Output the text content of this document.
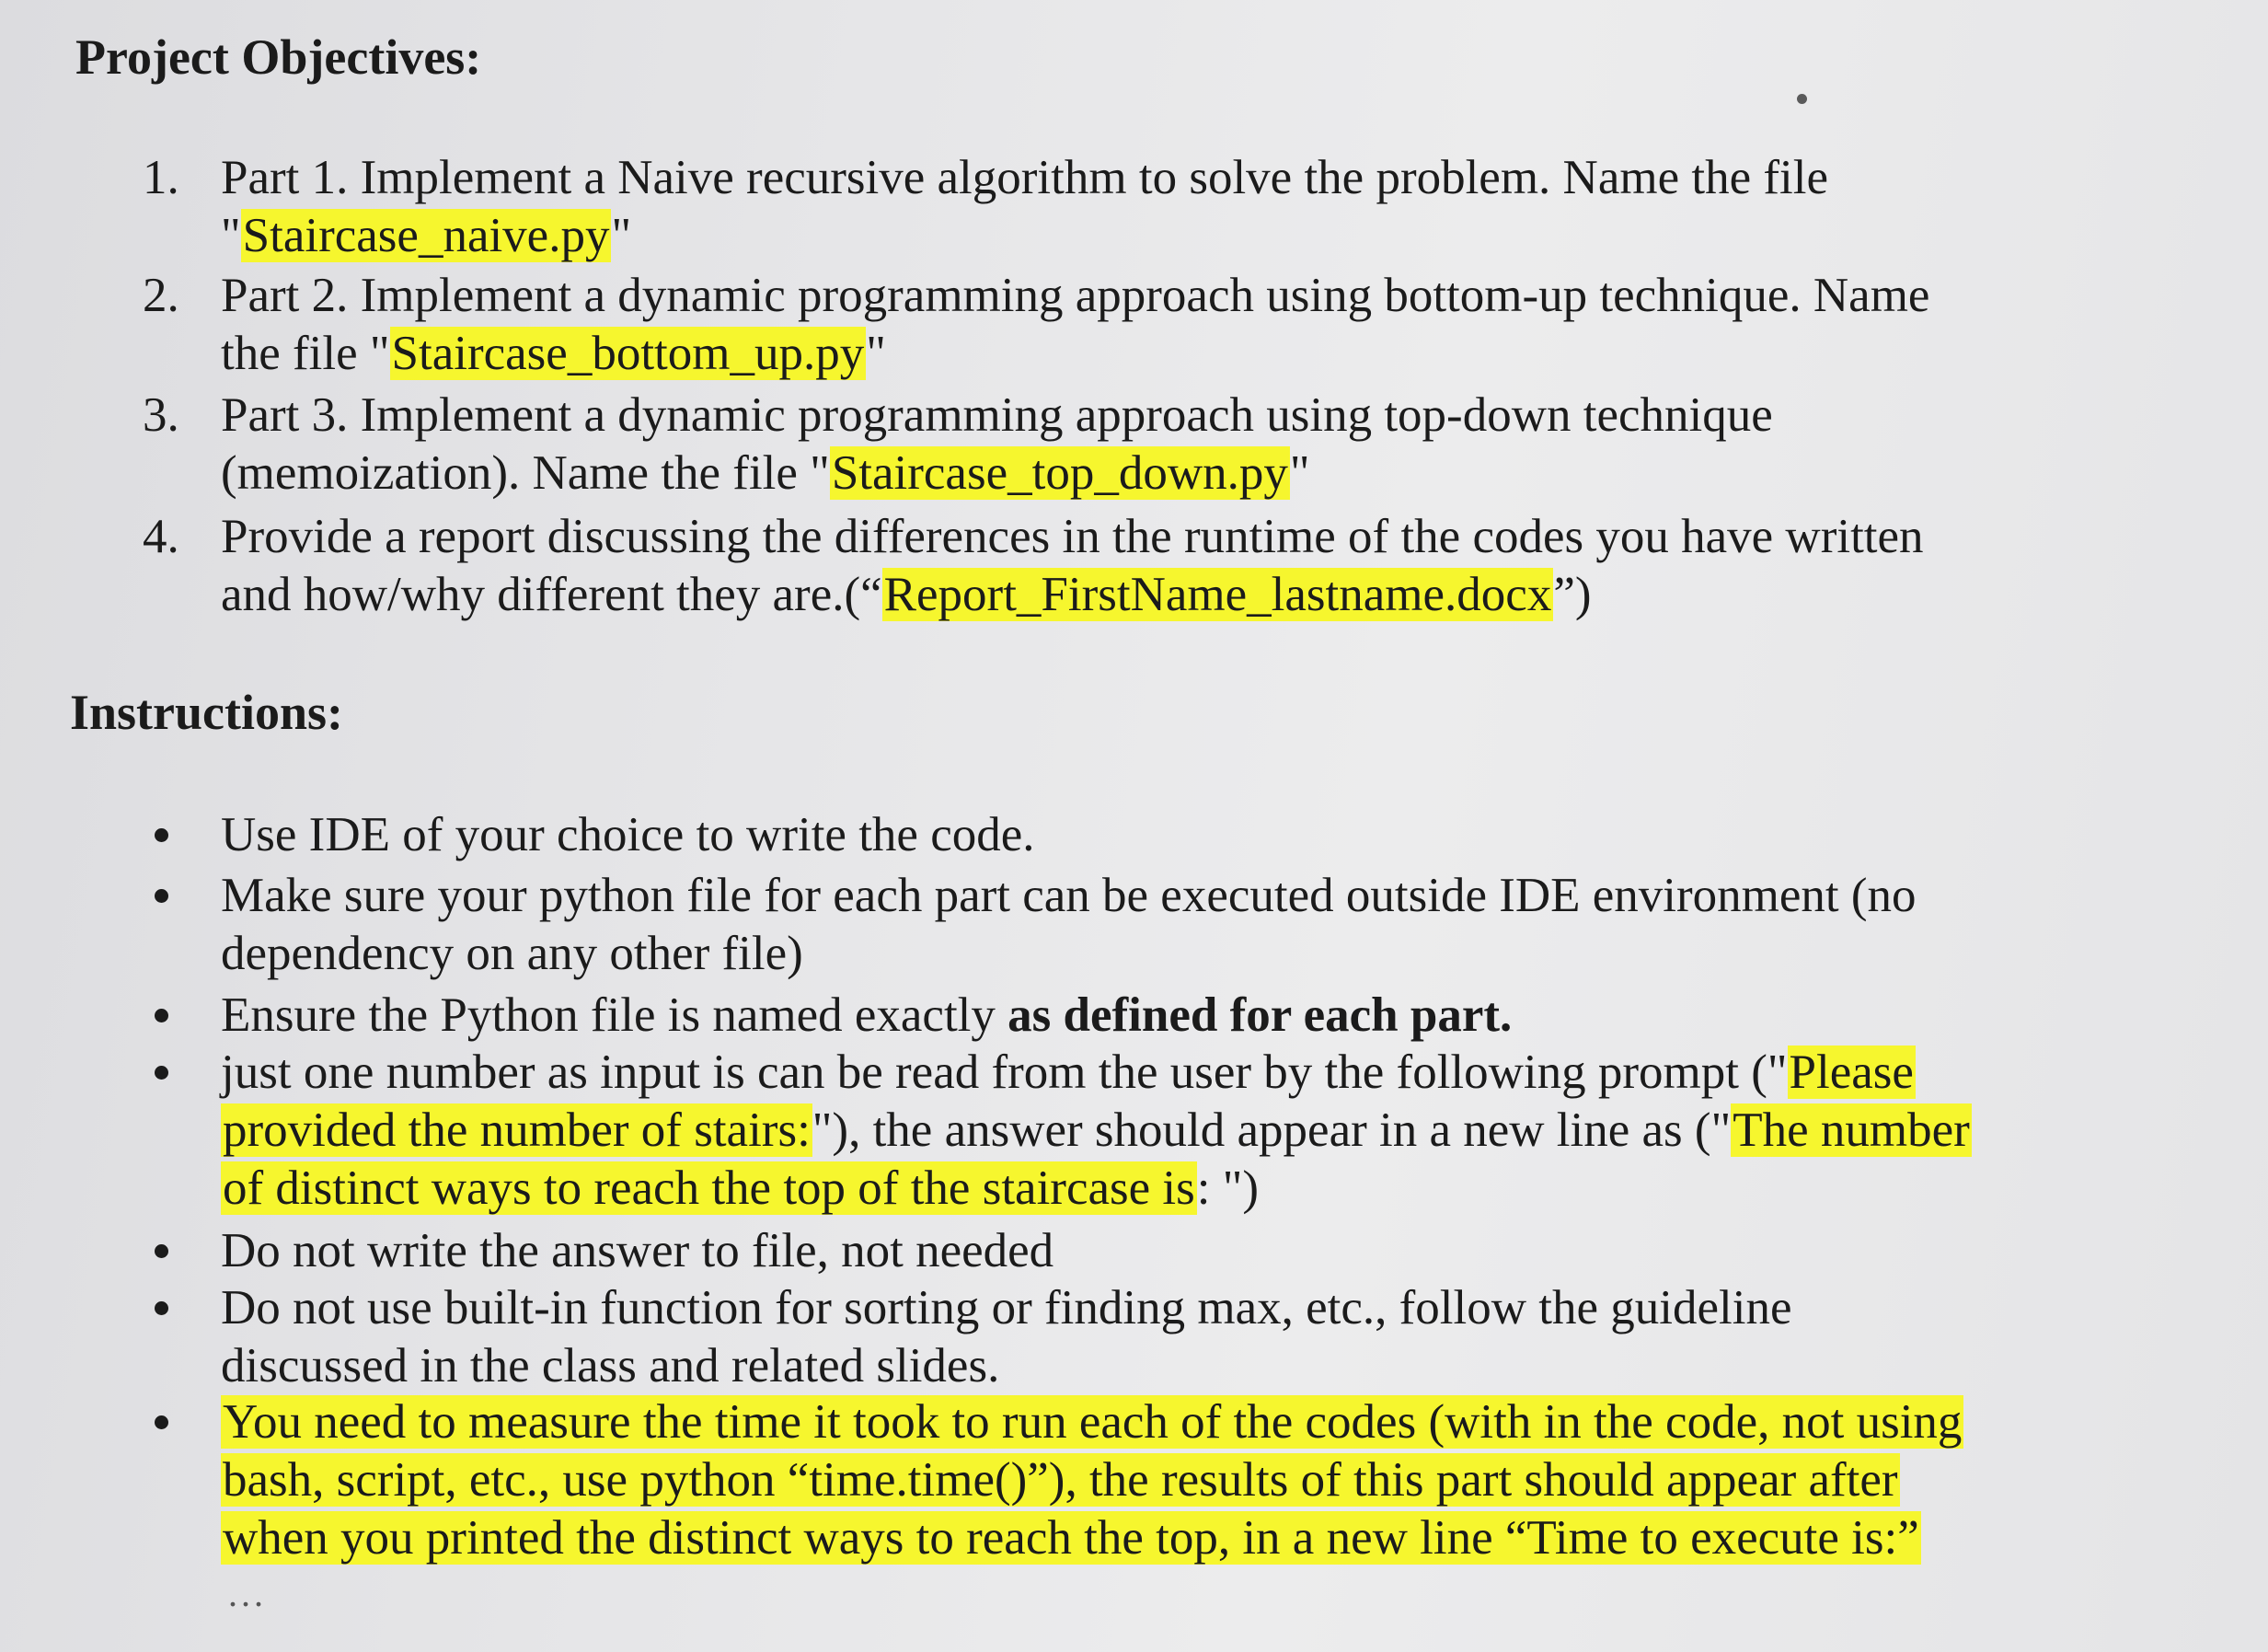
Project Objectives:
1. Part 1. Implement a Naive recursive algorithm to solve the problem. Name the file
"Staircase_naive.py"
2. Part 2. Implement a dynamic programming approach using bottom-up technique. Name
the file "Staircase_bottom_up.py"
3. Part 3. Implement a dynamic programming approach using top-down technique
(memoization). Name the file "Staircase_top_down.py"
4. Provide a report discussing the differences in the runtime of the codes you have written
and how/why different they are.(“Report_FirstName_lastname.docx”)
Instructions:
Use IDE of your choice to write the code.
Make sure your python file for each part can be executed outside IDE environment (no
dependency on any other file)
Ensure the Python file is named exactly as defined for each part.
just one number as input is can be read from the user by the following prompt ("Please
provided the number of stairs:"), the answer should appear in a new line as ("The number
of distinct ways to reach the top of the staircase is: ")
Do not write the answer to file, not needed
Do not use built-in function for sorting or finding max, etc., follow the guideline
discussed in the class and related slides.
You need to measure the time it took to run each of the codes (with in the code, not using
bash, script, etc., use python “time.time()”), the results of this part should appear after
when you printed the distinct ways to reach the top, in a new line “Time to execute is:”
...
